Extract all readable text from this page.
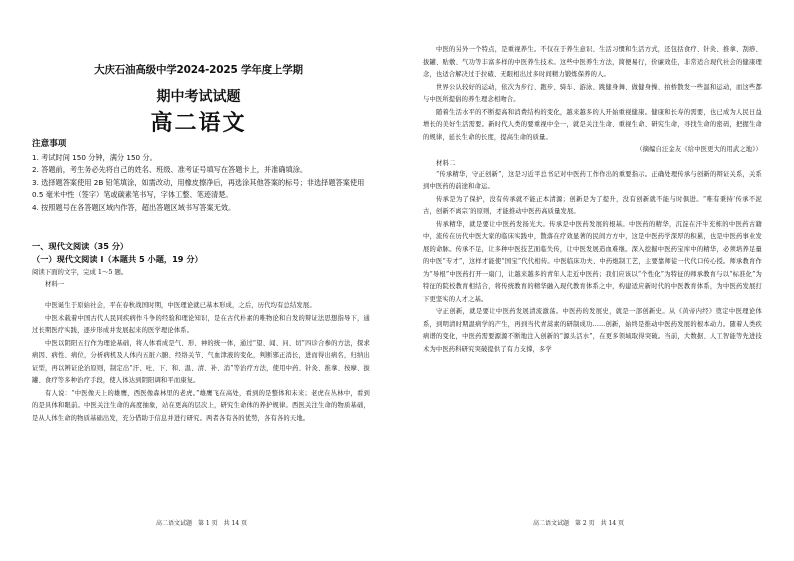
大庆石油高级中学2024-2025 学年度上学期
期中考试试题
高二语文
注意事项
1. 考试时间 150 分钟，满分 150 分。
2. 答题前，考生务必先将自己的姓名、班级、准考证号填写在答题卡上，并准确填涂。
3. 选择题答案使用 2B 铅笔填涂，如需改动，用橡皮擦净后，再选涂其他答案的标号；非选择题答案使用 0.5 毫米中性（签字）笔或碳素笔书写，字体工整、笔迹清楚。
4. 按照题号在各答题区域内作答，超出答题区域书写答案无效。
一、现代文阅读（35 分）
（一）现代文阅读 Ⅰ（本题共 5 小题，19 分）
阅读下面的文字，完成 1～5 题。
材料一

中医诞生于原始社会，平在春秋战国时期，中医理论就已基本形成，之后，历代均有总结发展。

中医术载着中国古代人民同疾病作斗争的经验和理论知识，是在古代朴素的唯物论和自发的辩证法思想指导下，通过长期医疗实践，逐步形成并发展起来的医学理论体系。

中医以阴阳五行作为理论基础，将人体看成是气、形、神的统一体，通过“望、闻、问、切”四诊合参的方法，探求病因、病性、病位，分析病机及人体内五脏六腑、经络关节、气血津液的变化，判断邪正消长，进而得出病名，归纳出证型，再以辨证论治原则，制定出“汗、吐、下、和、温、清、补、消”等治疗方法，使用中药、针灸、推拿、按摩、拔罐、食疗等多种治疗手段，使人体达到阴阳调和平而康复。

有人说：“中医像天上的雄鹰，西医像森林里的老虎。”雄鹰飞在高处，看到的是整体和未来；老虎在丛林中，看到的是具体和眼前。中医关注生命的高度抽象，站在更高的层次上，研究生命体的养护规律。西医关注生命的物质基础，是从人体生命的物质基础出发，充分借助于信息并进行研究。两者各有各的优势，各有各的天地。

中医的另外一个特点，是重视养生。不仅在于养生意识、生活习惯和生活方式，还包括食疗、针灸、推拿、刮痧、拔罐、贴敷、气功等丰富多样的中医养生技术。这些中医养生方法，简便易行，价廉效佳，非常适合现代社会的健康理念，也适合解决过于拉碴、无眼相出过多时间精力锻炼保养的人。

世界公认较好的运动，依次为步行、跑步、骑车、游泳、跳健身舞、做健身操、拍桥散发一些温和运动，而这些都与中医所提倡的养生理念相吻合。

随着生活水平的不断提高和消费结构的变化，越来越多的人开始重视健康。健康和长寿的需要，也已成为人民日益增长的美好生活需要。新时代人类的要重视中全一，就是关注生命、重视生命、研究生命，寻找生命的密码，把握生命的规律，延长生命的长度，提高生命的质量。

（摘编自汪金友《给中医更大的用武之地》）
材料二

“传承精华，守正创新”，这是习近平总书记对中医药工作作出的重要指示。正确处理传承与创新的辩证关系，关系到中医药的前途和命运。

传承是为了保护，没有传承就不能正本清源；创新是为了提升，没有创新就不能与时俱进。“唯有秉持‘传承不泥古，创新不离宗’的原则，才能推动中医药高质量发展。

传承精华，就是要让中医药发扬光大。传承是中医药发展的根基。中医药的精华，沉淀在汗牛充栋的中医药古籍中，流传在历代中医大家的临床实践中，散落在疗效显著的民间方方中，这是中医药学深厚的积累，也是中医药事业发展的命脉。传承不足，让多种中医技艺面临失传，让中医发展造血难继。深入挖掘中医药宝库中的精华，必须培养足量的中医“专才”，这样才能使“国宝”代代相传。中医临床功夫、中药炮制工艺，主要靠师徒一代代口传心授。师承教育作为“导根”中医药打开一扇门，让越来越多的青年人走近中医药；我们应该以“个性化”为特征的师承教育与以“标准化”为特征的院校教育相结合，将传统教育的精华融入现代教育体系之中，构建适应新时代的中医教育体系，为中医药发展打下更坚实的人才之基。

守正创新，就是要让中医药发展清流激荡。中医药的发展史，就是一部创新史。从《黄帝内经》奠定中医理论体系，到明清时期温病学的产生，再到当代青蒿素的研制成功……创新，始终是推动中医药发展的根本动力。随着人类疾病谱的变化，中医药需要源源不断地注入创新的“源头活水”，在更多领域取得突破。当前，大数据、人工智能等先进技术为中医药科研究突破提供了有力支撑，多学

高二语文试题　第 1 页　共 14 页	高二语文试题　第 2 页　共 14 页
